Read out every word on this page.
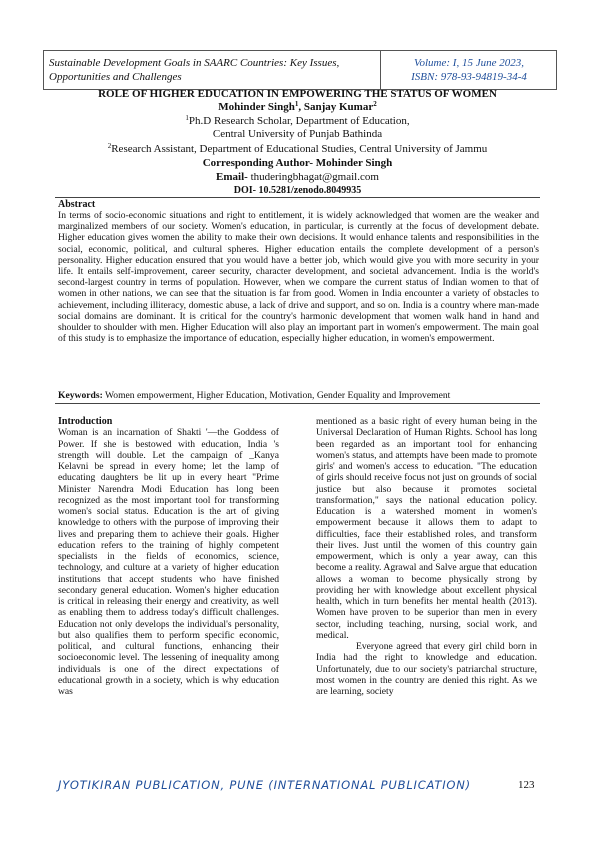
Sustainable Development Goals in SAARC Countries: Key Issues, Opportunities and Challenges
Volume: I, 15 June 2023,
ISBN: 978-93-94819-34-4
ROLE OF HIGHER EDUCATION IN EMPOWERING THE STATUS OF WOMEN
Mohinder Singh$^1$, Sanjay Kumar$^2$
$^1$Ph.D Research Scholar, Department of Education,
Central University of Punjab Bathinda
$^2$Research Assistant, Department of Educational Studies, Central University of Jammu
Corresponding Author- Mohinder Singh
Email- thuderingbhagat@gmail.com
DOI- 10.5281/zenodo.8049935
Abstract
In terms of socio-economic situations and right to entitlement, it is widely acknowledged that women are the weaker and marginalized members of our society. Women's education, in particular, is currently at the focus of development debate. Higher education gives women the ability to make their own decisions. It would enhance talents and responsibilities in the social, economic, political, and cultural spheres. Higher education entails the complete development of a person's personality. Higher education ensured that you would have a better job, which would give you with more security in your life. It entails self-improvement, career security, character development, and societal advancement. India is the world's second-largest country in terms of population. However, when we compare the current status of Indian women to that of women in other nations, we can see that the situation is far from good. Women in India encounter a variety of obstacles to achievement, including illiteracy, domestic abuse, a lack of drive and support, and so on. India is a country where man-made social domains are dominant. It is critical for the country's harmonic development that women walk hand in hand and shoulder to shoulder with men. Higher Education will also play an important part in women's empowerment. The main goal of this study is to emphasize the importance of education, especially higher education, in women's empowerment.
Keywords: Women empowerment, Higher Education, Motivation, Gender Equality and Improvement

Introduction

Woman is an incarnation of Shakti '—the Goddess of Power. If she is bestowed with education, India 's strength will double. Let the campaign of _Kanya Kelavni be spread in every home; let the lamp of educating daughters be lit up in every heart "Prime Minister Narendra Modi Education has long been recognized as the most important tool for transforming women's social status. Education is the art of giving knowledge to others with the purpose of improving their lives and preparing them to achieve their goals. Higher education refers to the training of highly competent specialists in the fields of economics, science, technology, and culture at a variety of higher education institutions that accept students who have finished secondary general education. Women's higher education is critical in releasing their energy and creativity, as well as enabling them to address today's difficult challenges. Education not only develops the individual's personality, but also qualifies them to perform specific economic, political, and cultural functions, enhancing their socioeconomic level. The lessening of inequality among individuals is one of the direct expectations of educational growth in a society, which is why education was

mentioned as a basic right of every human being in the Universal Declaration of Human Rights. School has long been regarded as an important tool for enhancing women's status, and attempts have been made to promote girls' and women's access to education. "The education of girls should receive focus not just on grounds of social justice but also because it promotes societal transformation," says the national education policy. Education is a watershed moment in women's empowerment because it allows them to adapt to difficulties, face their established roles, and transform their lives. Just until the women of this country gain empowerment, which is only a year away, can this become a reality. Agrawal and Salve argue that education allows a woman to become physically strong by providing her with knowledge about excellent physical health, which in turn benefits her mental health (2013). Women have proven to be superior than men in every sector, including teaching, nursing, social work, and medical.

Everyone agreed that every girl child born in India had the right to knowledge and education. Unfortunately, due to our society's patriarchal structure, most women in the country are denied this right. As we are learning, society

JYOTIKIRAN PUBLICATION, PUNE (INTERNATIONAL PUBLICATION)	123
